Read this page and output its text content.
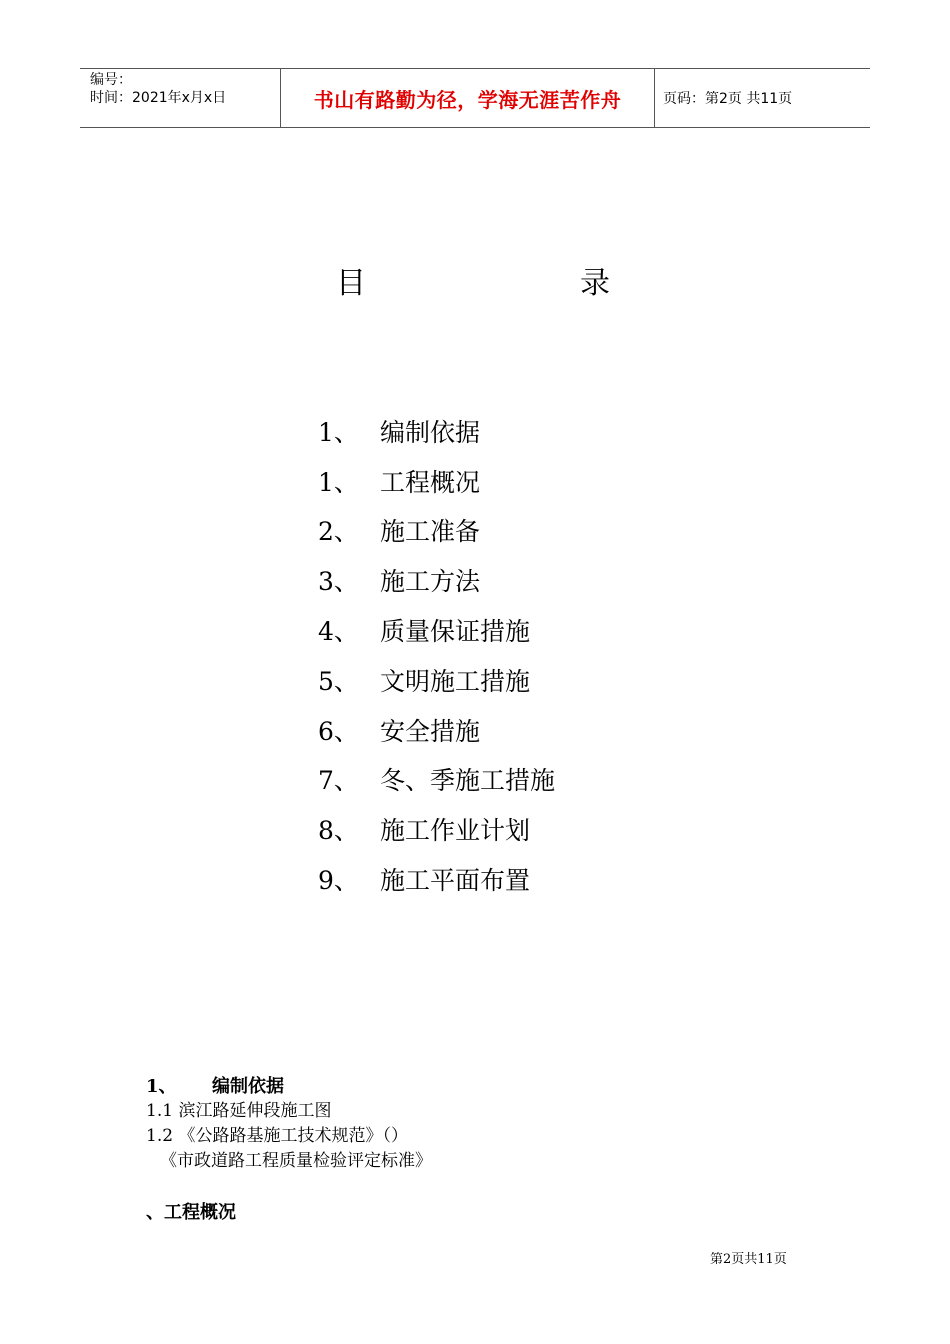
编号：
时间：2021年x月x日	书山有路勤为径，学海无涯苦作舟	页码：第2页 共11页
目	录
1、 编制依据
1、 工程概况
2、 施工准备
3、 施工方法
4、 质量保证措施
5、 文明施工措施
6、 安全措施
7、 冬、季施工措施
8、 施工作业计划
9、 施工平面布置
1、 编制依据
1.1 滨江路延伸段施工图
1.2 《公路路基施工技术规范》（）
《市政道路工程质量检验评定标准》
、工程概况
第2页共11页
